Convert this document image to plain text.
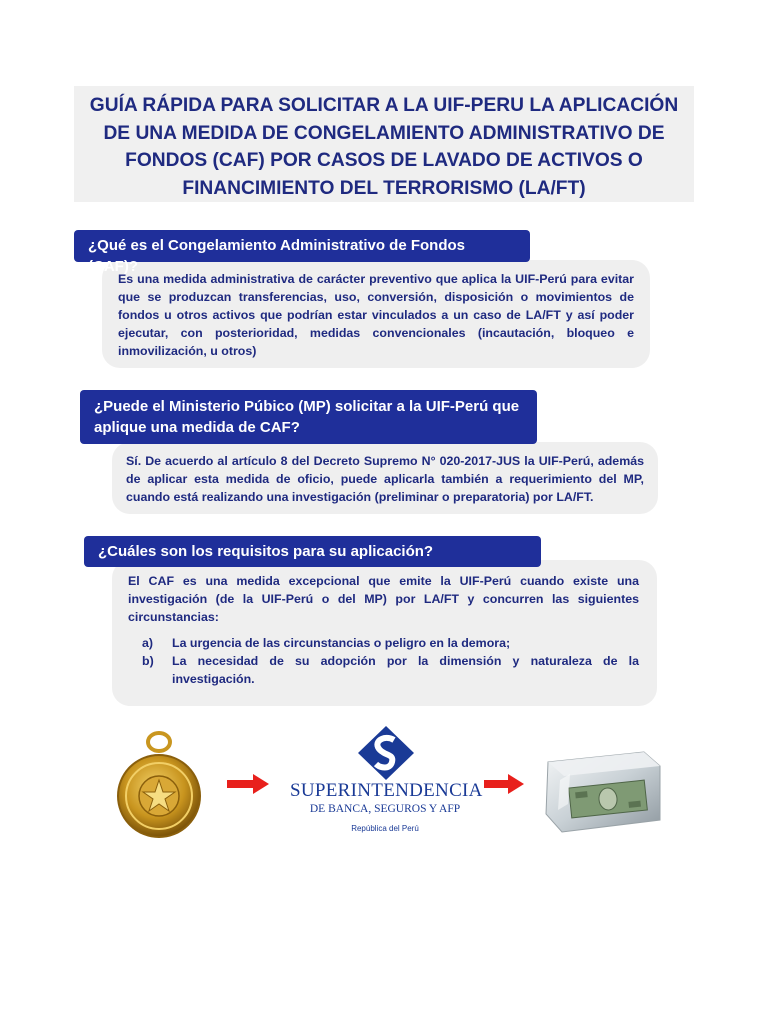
GUÍA RÁPIDA PARA SOLICITAR A LA UIF-PERU LA APLICACIÓN DE UNA MEDIDA DE CONGELAMIENTO ADMINISTRATIVO DE FONDOS (CAF) POR CASOS DE LAVADO DE ACTIVOS O FINANCIMIENTO DEL TERRORISMO (LA/FT)

Es una medida administrativa de carácter preventivo que aplica la UIF-Perú para evitar que se produzcan transferencias, uso, conversión, disposición o movimientos de fondos u otros activos que podrían estar vinculados a un caso de LA/FT y así poder ejecutar, con posterioridad, medidas convencionales (incautación, bloqueo e inmovilización, u otros)

¿Qué es el Congelamiento Administrativo de Fondos (CAF)?

Sí. De acuerdo al artículo 8 del Decreto Supremo N° 020-2017-JUS la UIF-Perú, además de aplicar esta medida de oficio, puede aplicarla también a requerimiento del MP, cuando está realizando una investigación (preliminar o preparatoria) por LA/FT.

¿Puede el Ministerio Púbico (MP) solicitar a la UIF-Perú que aplique una medida de CAF?

El CAF es una medida excepcional que emite la UIF-Perú cuando existe una investigación (de la UIF-Perú o del MP) por LA/FT y concurren las siguientes circunstancias:

a)	La urgencia de las circunstancias o peligro en la demora;
b)	La necesidad de su adopción por la dimensión y naturaleza de la investigación.
¿Cuáles son los requisitos para su aplicación?
SUPERINTENDENCIA
DE BANCA, SEGUROS Y AFP
República del Perú
